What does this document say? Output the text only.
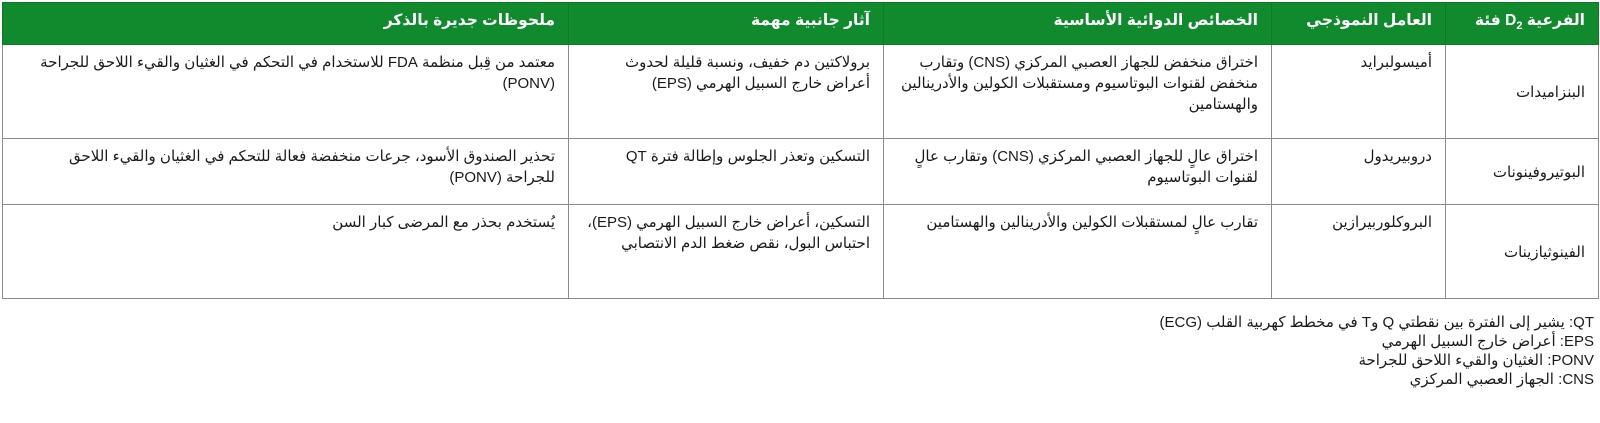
الفرعية $D_2$ فئة	العامل النموذجي	الخصائص الدوائية الأساسية	آثار جانبية مهمة	ملحوظات جديرة بالذكر
البنزاميدات	أميسولبرايد	اختراق منخفض للجهاز العصبي المركزي (CNS) وتقارب منخفض لقنوات البوتاسيوم ومستقبلات الكولين والأدرينالين والهستامين	برولاكتين دم خفيف، ونسبة قليلة لحدوث أعراض خارج السبيل الهرمي (EPS)	معتمد من قِبل منظمة FDA للاستخدام في التحكم في الغثيان والقيء اللاحق للجراحة (PONV)
البوتيروفينونات	دروبيريدول	اختراق عالٍ للجهاز العصبي المركزي (CNS) وتقارب عالٍ لقنوات البوتاسيوم	التسكين وتعذر الجلوس وإطالة فترة QT	تحذير الصندوق الأسود، جرعات منخفضة فعالة للتحكم في الغثيان والقيء اللاحق للجراحة (PONV)
الفينوثيازينات	البروكلوربيرازين	تقارب عالٍ لمستقبلات الكولين والأدرينالين والهستامين	التسكين، أعراض خارج السبيل الهرمي (EPS)، احتباس البول، نقص ضغط الدم الانتصابي	يُستخدم بحذر مع المرضى كبار السن
QT: يشير إلى الفترة بين نقطتي Q وT في مخطط كهربية القلب (ECG)
EPS: أعراض خارج السبيل الهرمي
PONV: الغثيان والقيء اللاحق للجراحة
CNS: الجهاز العصبي المركزي
